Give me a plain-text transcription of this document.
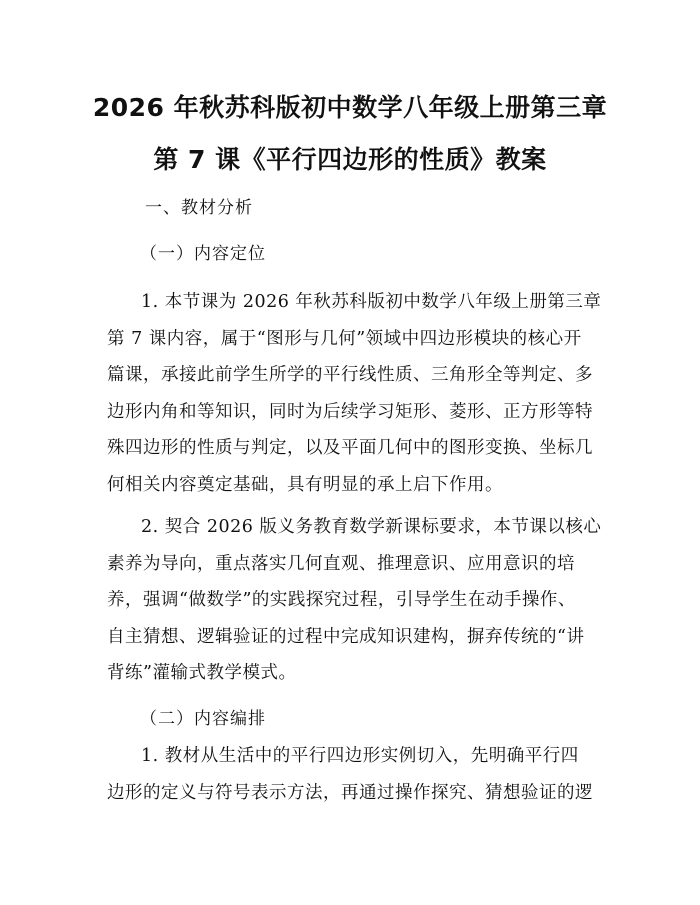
2026 年秋苏科版初中数学八年级上册第三章
第 7 课《平行四边形的性质》教案
一、教材分析
（一）内容定位
1. 本节课为 2026 年秋苏科版初中数学八年级上册第三章
第 7 课内容，属于“图形与几何”领域中四边形模块的核心开
篇课，承接此前学生所学的平行线性质、三角形全等判定、多
边形内角和等知识，同时为后续学习矩形、菱形、正方形等特
殊四边形的性质与判定，以及平面几何中的图形变换、坐标几
何相关内容奠定基础，具有明显的承上启下作用。
2. 契合 2026 版义务教育数学新课标要求，本节课以核心
素养为导向，重点落实几何直观、推理意识、应用意识的培
养，强调“做数学”的实践探究过程，引导学生在动手操作、
自主猜想、逻辑验证的过程中完成知识建构，摒弃传统的“讲
背练”灌输式教学模式。
（二）内容编排
1. 教材从生活中的平行四边形实例切入，先明确平行四
边形的定义与符号表示方法，再通过操作探究、猜想验证的逻
